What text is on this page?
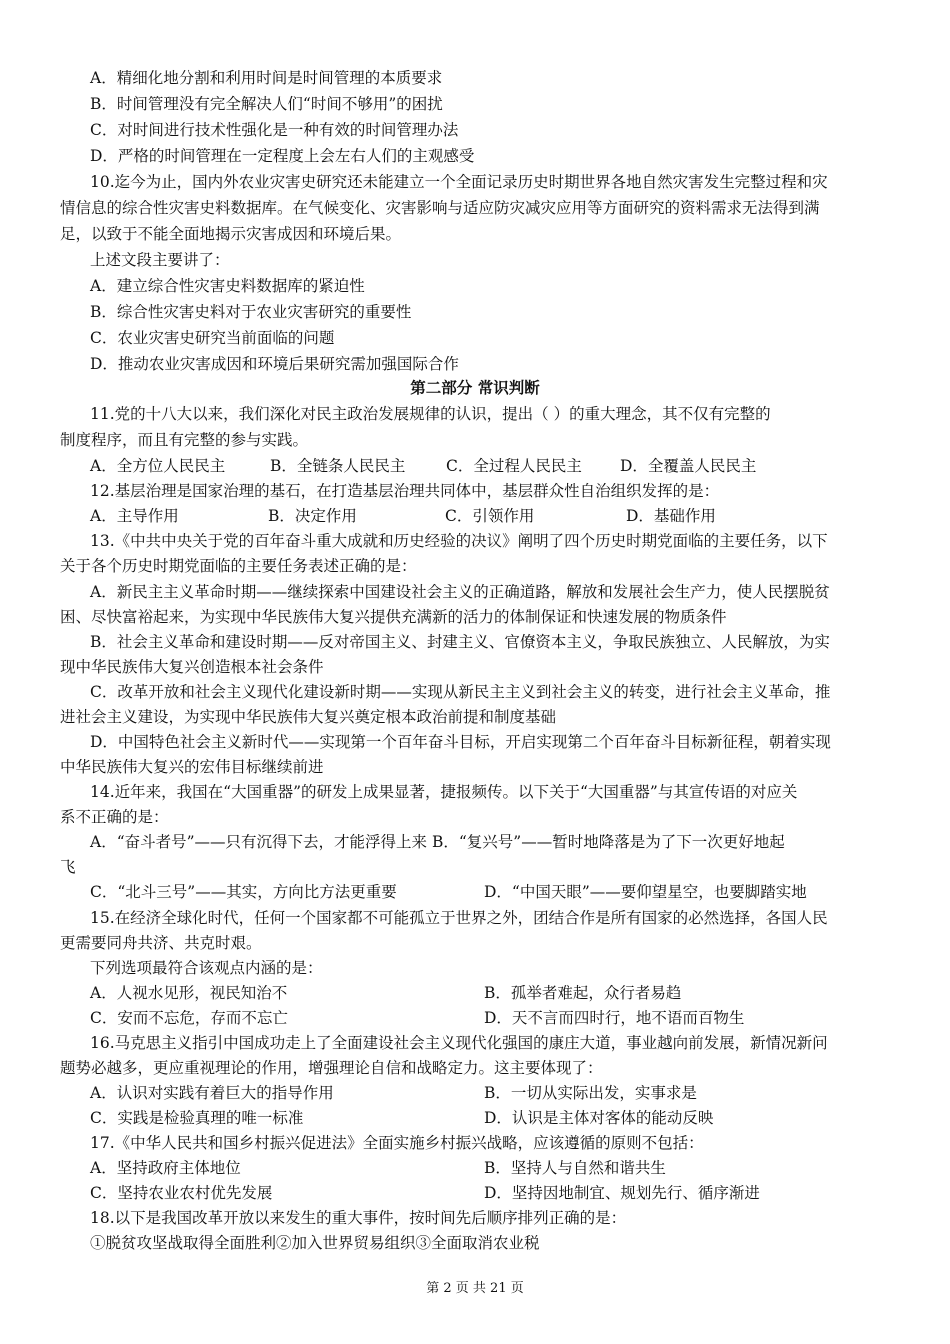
A．精细化地分割和利用时间是时间管理的本质要求
B．时间管理没有完全解决人们“时间不够用”的困扰
C．对时间进行技术性强化是一种有效的时间管理办法
D．严格的时间管理在一定程度上会左右人们的主观感受
10.迄今为止，国内外农业灾害史研究还未能建立一个全面记录历史时期世界各地自然灾害发生完整过程和灾
情信息的综合性灾害史料数据库。在气候变化、灾害影响与适应防灾减灾应用等方面研究的资料需求无法得到满
足，以致于不能全面地揭示灾害成因和环境后果。
上述文段主要讲了：
A．建立综合性灾害史料数据库的紧迫性
B．综合性灾害史料对于农业灾害研究的重要性
C．农业灾害史研究当前面临的问题
D．推动农业灾害成因和环境后果研究需加强国际合作
第二部分 常识判断
11.党的十八大以来，我们深化对民主政治发展规律的认识，提出（ ）的重大理念，其不仅有完整的
制度程序，而且有完整的参与实践。
A．全方位人民民主	B．全链条人民民主	C．全过程人民民主 D．全覆盖人民民主
12.基层治理是国家治理的基石，在打造基层治理共同体中，基层群众性自治组织发挥的是：
A．主导作用	B．决定作用	C．引领作用	D．基础作用
13.《中共中央关于党的百年奋斗重大成就和历史经验的决议》阐明了四个历史时期党面临的主要任务，以下
关于各个历史时期党面临的主要任务表述正确的是：
A．新民主主义革命时期——继续探索中国建设社会主义的正确道路，解放和发展社会生产力，使人民摆脱贫
困、尽快富裕起来，为实现中华民族伟大复兴提供充满新的活力的体制保证和快速发展的物质条件
B．社会主义革命和建设时期——反对帝国主义、封建主义、官僚资本主义，争取民族独立、人民解放，为实
现中华民族伟大复兴创造根本社会条件
C．改革开放和社会主义现代化建设新时期——实现从新民主主义到社会主义的转变，进行社会主义革命，推
进社会主义建设，为实现中华民族伟大复兴奠定根本政治前提和制度基础
D．中国特色社会主义新时代——实现第一个百年奋斗目标，开启实现第二个百年奋斗目标新征程，朝着实现
中华民族伟大复兴的宏伟目标继续前进
14.近年来，我国在“大国重器”的研发上成果显著，捷报频传。以下关于“大国重器”与其宣传语的对应关
系不正确的是：
A．“奋斗者号”——只有沉得下去，才能浮得上来 B．“复兴号”——暂时地降落是为了下一次更好地起
飞
C．“北斗三号”——其实，方向比方法更重要	D．“中国天眼”——要仰望星空，也要脚踏实地
15.在经济全球化时代，任何一个国家都不可能孤立于世界之外，团结合作是所有国家的必然选择，各国人民
更需要同舟共济、共克时艰。
下列选项最符合该观点内涵的是：
A．人视水见形，视民知治不	B．孤举者难起，众行者易趋
C．安而不忘危，存而不忘亡	D．天不言而四时行，地不语而百物生
16.马克思主义指引中国成功走上了全面建设社会主义现代化强国的康庄大道，事业越向前发展，新情况新问
题势必越多，更应重视理论的作用，增强理论自信和战略定力。这主要体现了：
A．认识对实践有着巨大的指导作用	B．一切从实际出发，实事求是
C．实践是检验真理的唯一标准	D．认识是主体对客体的能动反映
17.《中华人民共和国乡村振兴促进法》全面实施乡村振兴战略，应该遵循的原则不包括：
A．坚持政府主体地位	B．坚持人与自然和谐共生
C．坚持农业农村优先发展	D．坚持因地制宜、规划先行、循序渐进
18.以下是我国改革开放以来发生的重大事件，按时间先后顺序排列正确的是：
①脱贫攻坚战取得全面胜利②加入世界贸易组织③全面取消农业税
第 2 页 共 21 页
